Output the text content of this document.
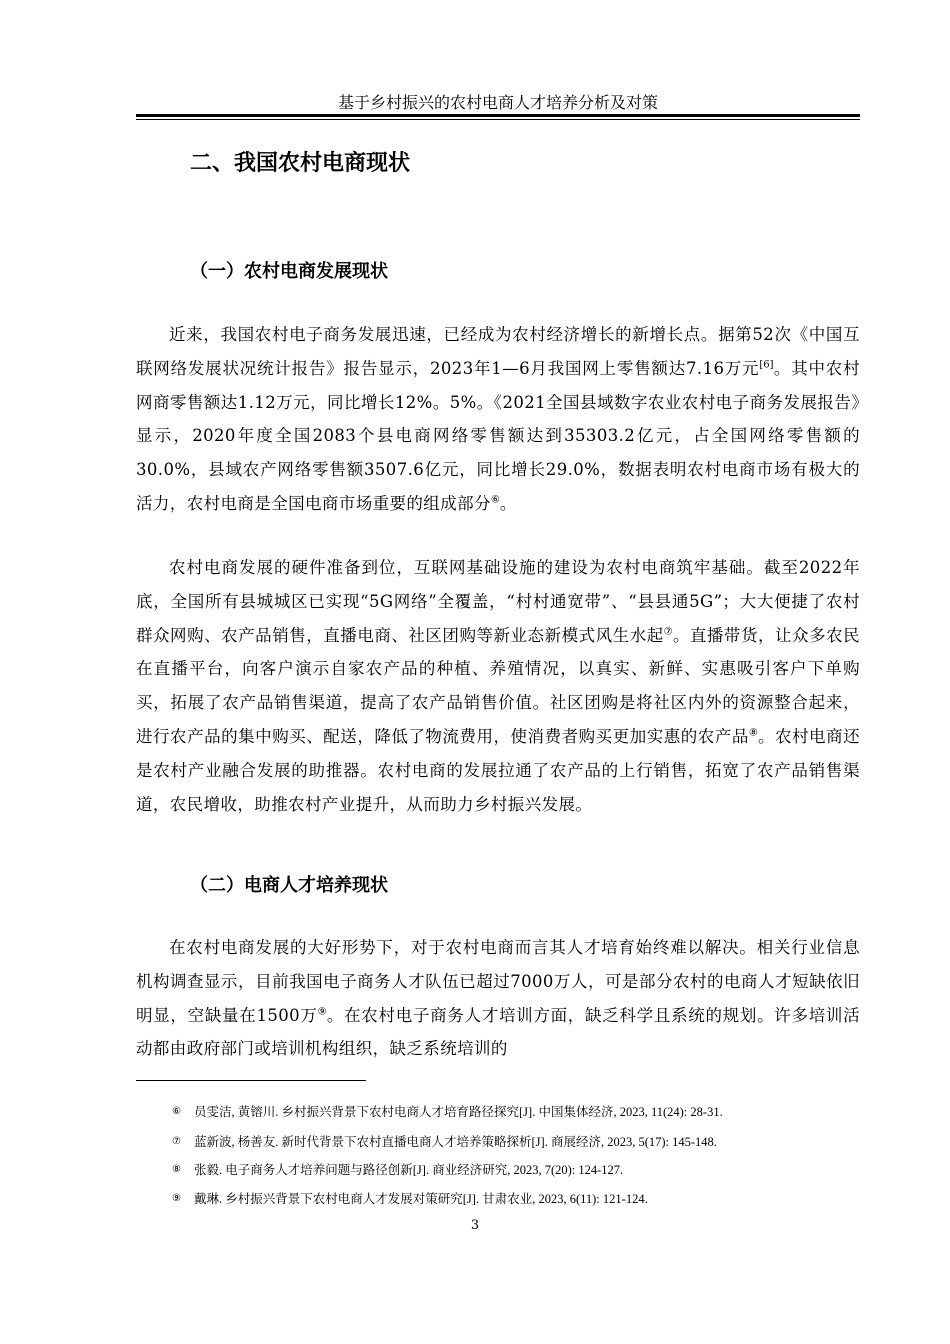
基于乡村振兴的农村电商人才培养分析及对策
二、我国农村电商现状
（一）农村电商发展现状

近来，我国农村电子商务发展迅速，已经成为农村经济增长的新增长点。据第52次《中国互联网络发展状况统计报告》报告显示，2023年1—6月我国网上零售额达7.16万元[6]。其中农村网商零售额达1.12万元，同比增长12%。5%。《2021全国县域数字农业农村电子商务发展报告》显示，2020年度全国2083个县电商网络零售额达到35303.2亿元，占全国网络零售额的30.0%，县域农产网络零售额3507.6亿元，同比增长29.0%，数据表明农村电商市场有极大的活力，农村电商是全国电商市场重要的组成部分⑥。

农村电商发展的硬件准备到位，互联网基础设施的建设为农村电商筑牢基础。截至2022年底，全国所有县城城区已实现“5G网络”全覆盖，“村村通宽带”、“县县通5G”；大大便捷了农村群众网购、农产品销售，直播电商、社区团购等新业态新模式风生水起⑦。直播带货，让众多农民在直播平台，向客户演示自家农产品的种植、养殖情况，以真实、新鲜、实惠吸引客户下单购买，拓展了农产品销售渠道，提高了农产品销售价值。社区团购是将社区内外的资源整合起来，进行农产品的集中购买、配送，降低了物流费用，使消费者购买更加实惠的农产品⑧。农村电商还是农村产业融合发展的助推器。农村电商的发展拉通了农产品的上行销售，拓宽了农产品销售渠道，农民增收，助推农村产业提升，从而助力乡村振兴发展。

（二）电商人才培养现状

在农村电商发展的大好形势下，对于农村电商而言其人才培育始终难以解决。相关行业信息机构调查显示，目前我国电子商务人才队伍已超过7000万人，可是部分农村的电商人才短缺依旧明显，空缺量在1500万⑨。在农村电子商务人才培训方面，缺乏科学且系统的规划。许多培训活动都由政府部门或培训机构组织，缺乏系统培训的

⑥ 员雯洁, 黄镕川. 乡村振兴背景下农村电商人才培育路径探究[J]. 中国集体经济, 2023, 11(24): 28-31.
⑦ 蓝新波, 杨善友. 新时代背景下农村直播电商人才培养策略探析[J]. 商展经济, 2023, 5(17): 145-148.
⑧ 张毅. 电子商务人才培养问题与路径创新[J]. 商业经济研究, 2023, 7(20): 124-127.
⑨ 戴琳. 乡村振兴背景下农村电商人才发展对策研究[J]. 甘肃农业, 2023, 6(11): 121-124.
3
